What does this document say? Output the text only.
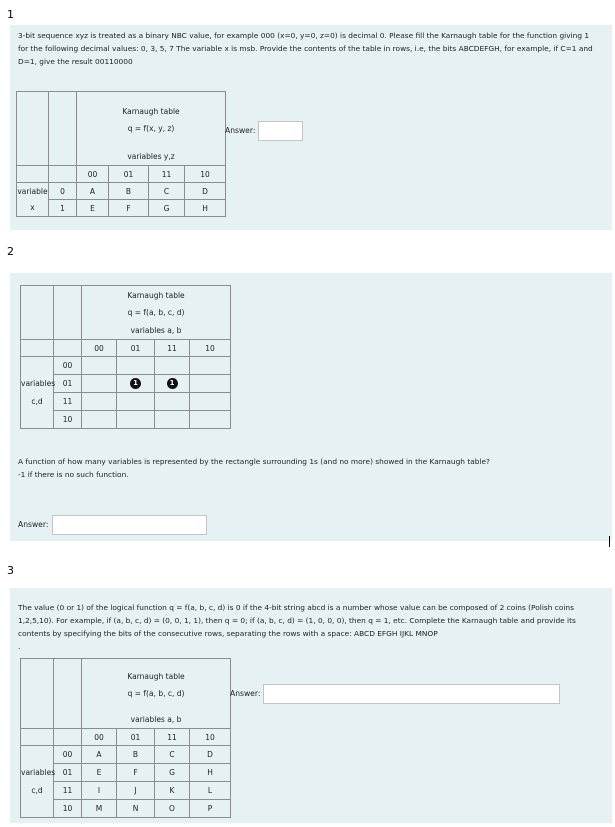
1
3-bit sequence xyz is treated as a binary NBC value, for example 000 (x=0, y=0, z=0) is decimal 0. Please fill the Karnaugh table for the function giving 1
for the following decimal values: 0, 3, 5, 7 The variable x is msb. Provide the contents of the table in rows, i.e, the bits ABCDEFGH, for example, if C=1 and
D=1, give the result 00110000

		Karnaugh table
q = f(x, y, z)			

		variables y,z			
		00	01	11	10
variable	0	A	B	C	D
x	1	E	F	G	H
Answer:
2

		Karnaugh table
q = f(a, b, c, d)			

		variables a, b			
		00	01	11	10
	00				
variables	01		1	1	
c,d	11				
	10				
A function of how many variables is represented by the rectangle surrounding 1s (and no more) showed in the Karnaugh table?
-1 if there is no such function.
Answer:
3
The value (0 or 1) of the logical function q = f(a, b, c, d) is 0 if the 4-bit string abcd is a number whose value can be composed of 2 coins (Polish coins
1,2,5,10). For example, if (a, b, c, d) = (0, 0, 1, 1), then q = 0; if (a, b, c, d) = (1, 0, 0, 0), then q = 1, etc. Complete the Karnaugh table and provide its
contents by specifying the bits of the consecutive rows, separating the rows with a space: ABCD EFGH IJKL MNOP
.

		Karnaugh table
q = f(a, b, c, d)			

		variables a, b			
		00	01	11	10
	00	A	B	C	D
variables	01	E	F	G	H
c,d	11	I	J	K	L
	10	M	N	O	P
Answer:
